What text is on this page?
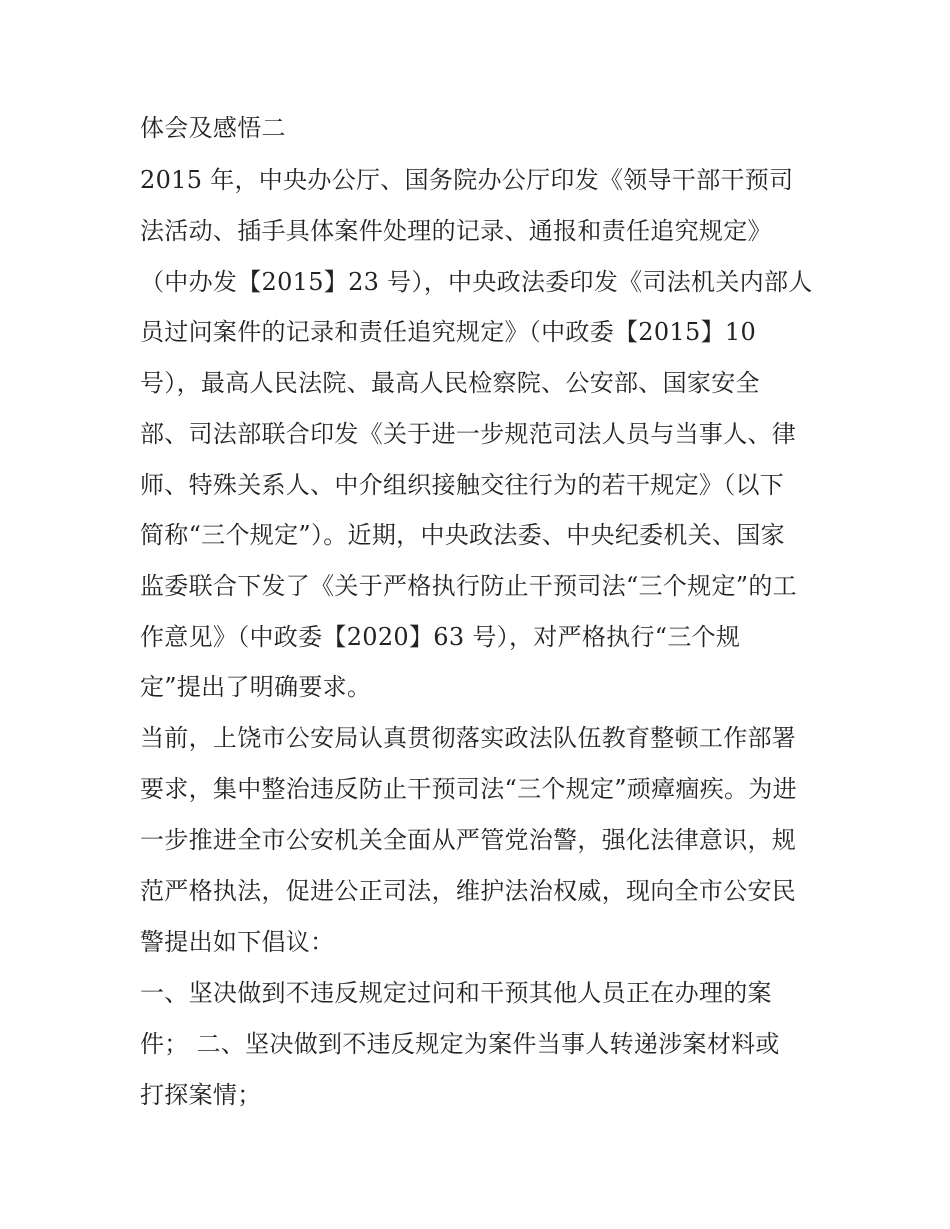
体会及感悟二

2015 年，中央办公厅、国务院办公厅印发《领导干部干预司

法活动、插手具体案件处理的记录、通报和责任追究规定》

（中办发【2015】23 号），中央政法委印发《司法机关内部人

员过问案件的记录和责任追究规定》（中政委【2015】10

号），最高人民法院、最高人民检察院、公安部、国家安全

部、司法部联合印发《关于进一步规范司法人员与当事人、律

师、特殊关系人、中介组织接触交往行为的若干规定》（以下

简称“三个规定”）。近期，中央政法委、中央纪委机关、国家

监委联合下发了《关于严格执行防止干预司法“三个规定”的工

作意见》（中政委【2020】63 号），对严格执行“三个规

定”提出了明确要求。

当前，上饶市公安局认真贯彻落实政法队伍教育整顿工作部署

要求，集中整治违反防止干预司法“三个规定”顽瘴痼疾。为进

一步推进全市公安机关全面从严管党治警，强化法律意识，规

范严格执法，促进公正司法，维护法治权威，现向全市公安民

警提出如下倡议：

一、坚决做到不违反规定过问和干预其他人员正在办理的案

件； 二、坚决做到不违反规定为案件当事人转递涉案材料或

打探案情；
